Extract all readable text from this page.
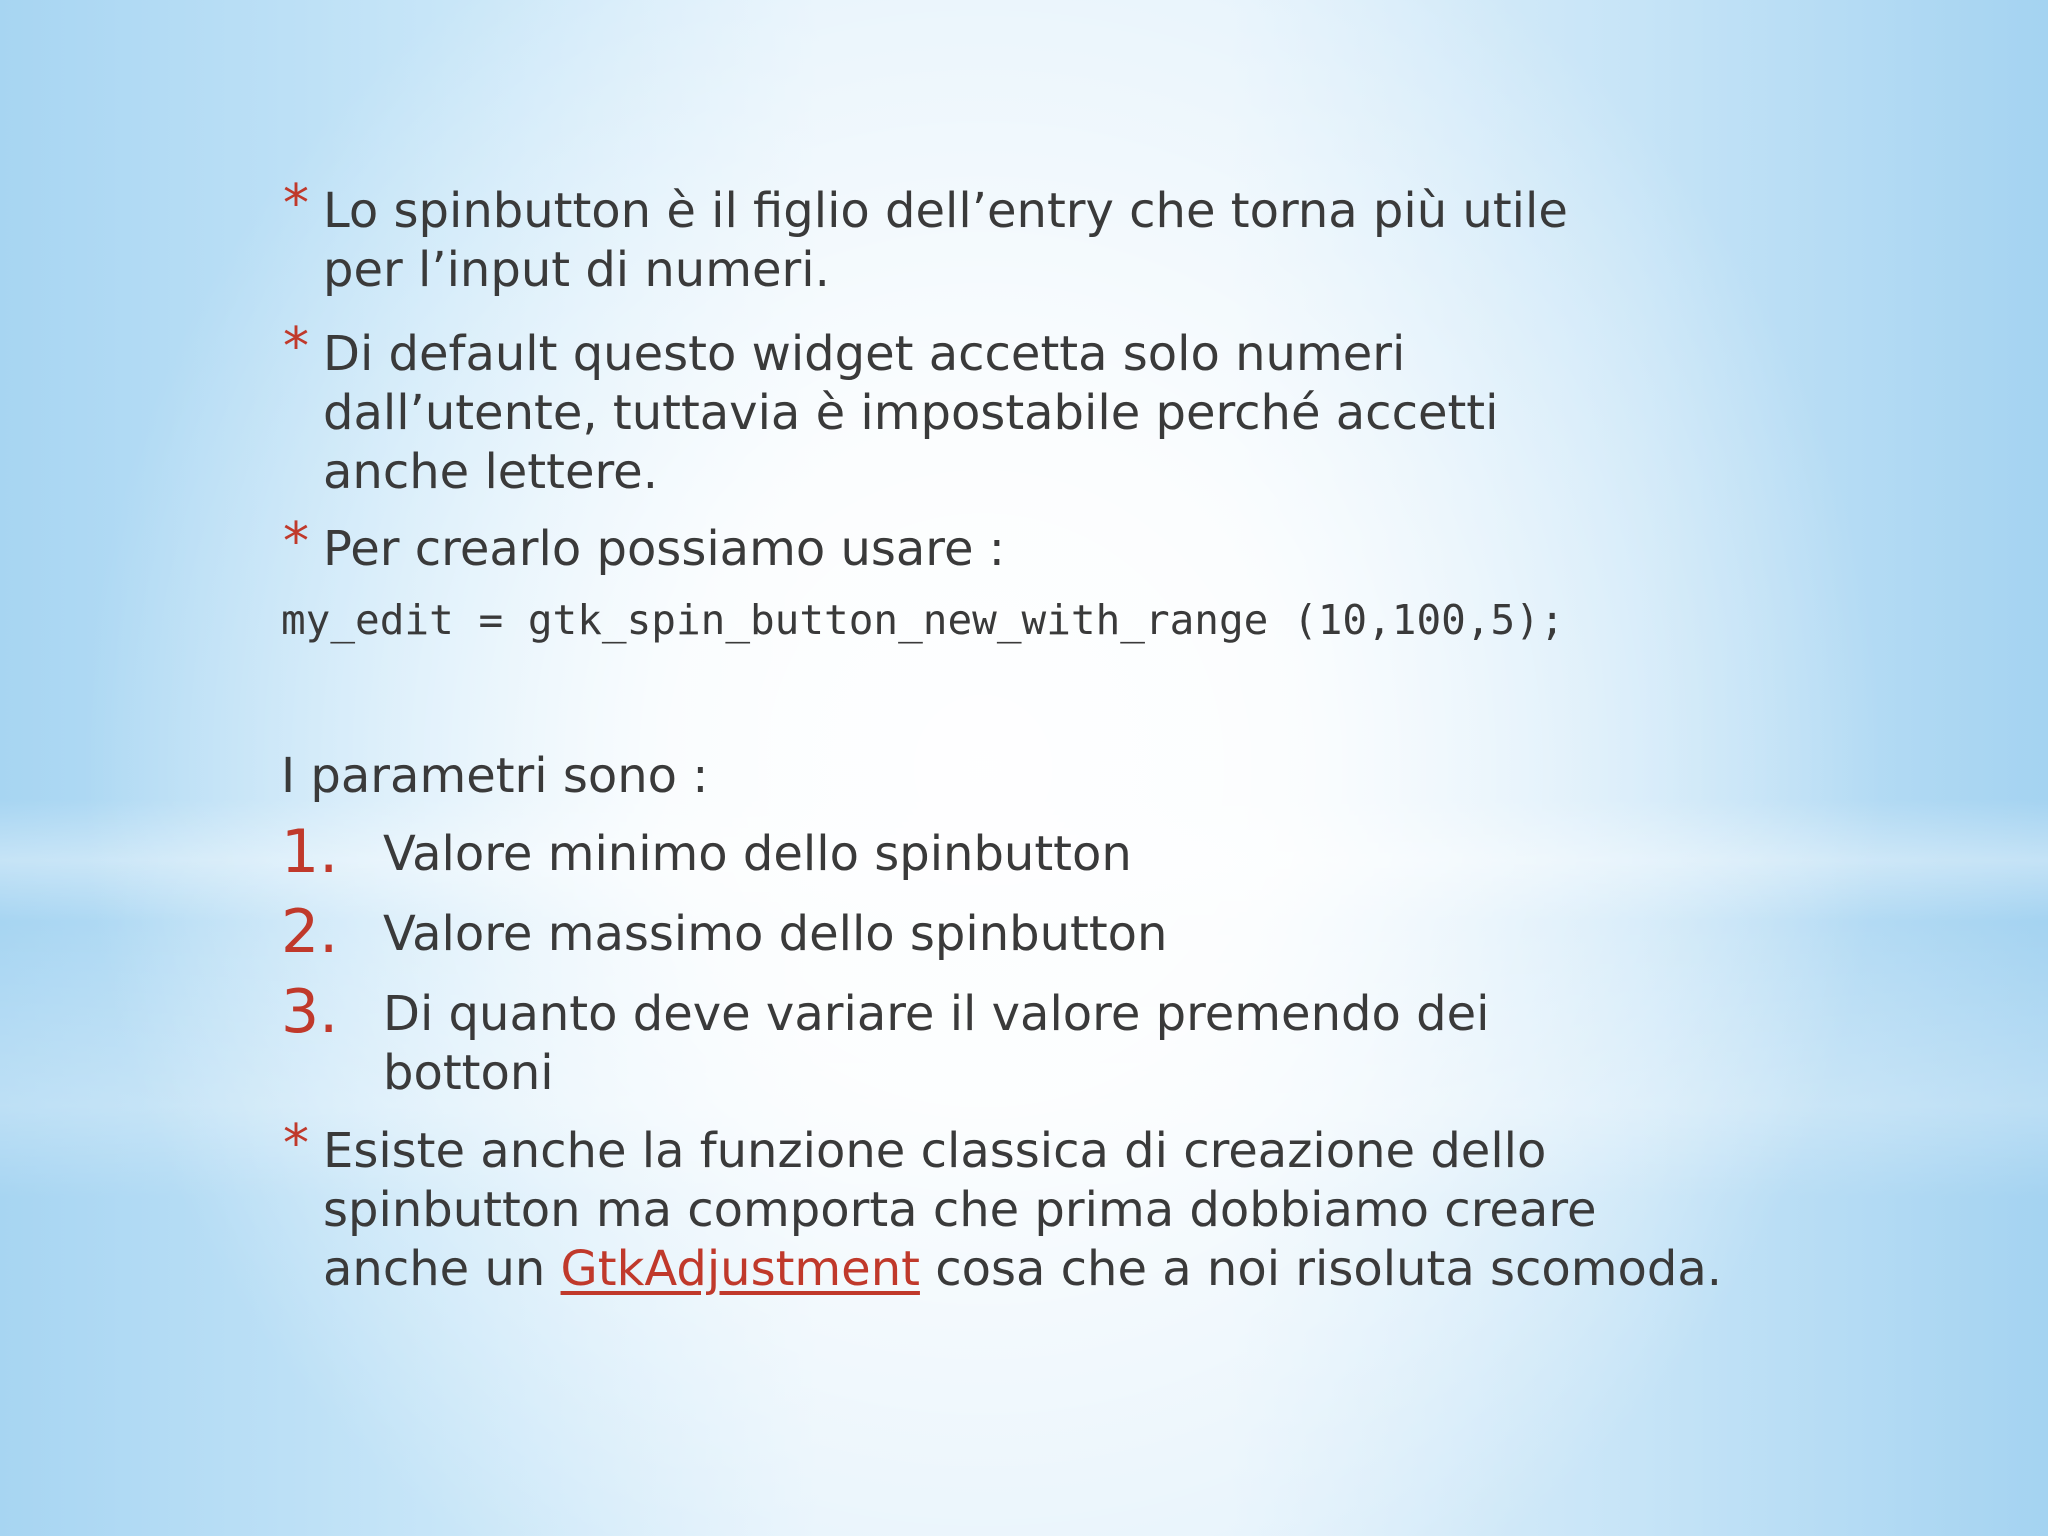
* Lo spinbutton è il figlio dell’entry che torna più utile per l’input di numeri.
* Di default questo widget accetta solo numeri dall’utente, tuttavia è impostabile perché accetti anche lettere.
* Per crearlo possiamo usare :
my_edit = gtk_spin_button_new_with_range (10,100,5);
I parametri sono :
1. Valore minimo dello spinbutton
2. Valore massimo dello spinbutton
3. Di quanto deve variare il valore premendo dei bottoni
* Esiste anche la funzione classica di creazione dello spinbutton ma comporta che prima dobbiamo creare anche un GtkAdjustment cosa che a noi risoluta scomoda.
